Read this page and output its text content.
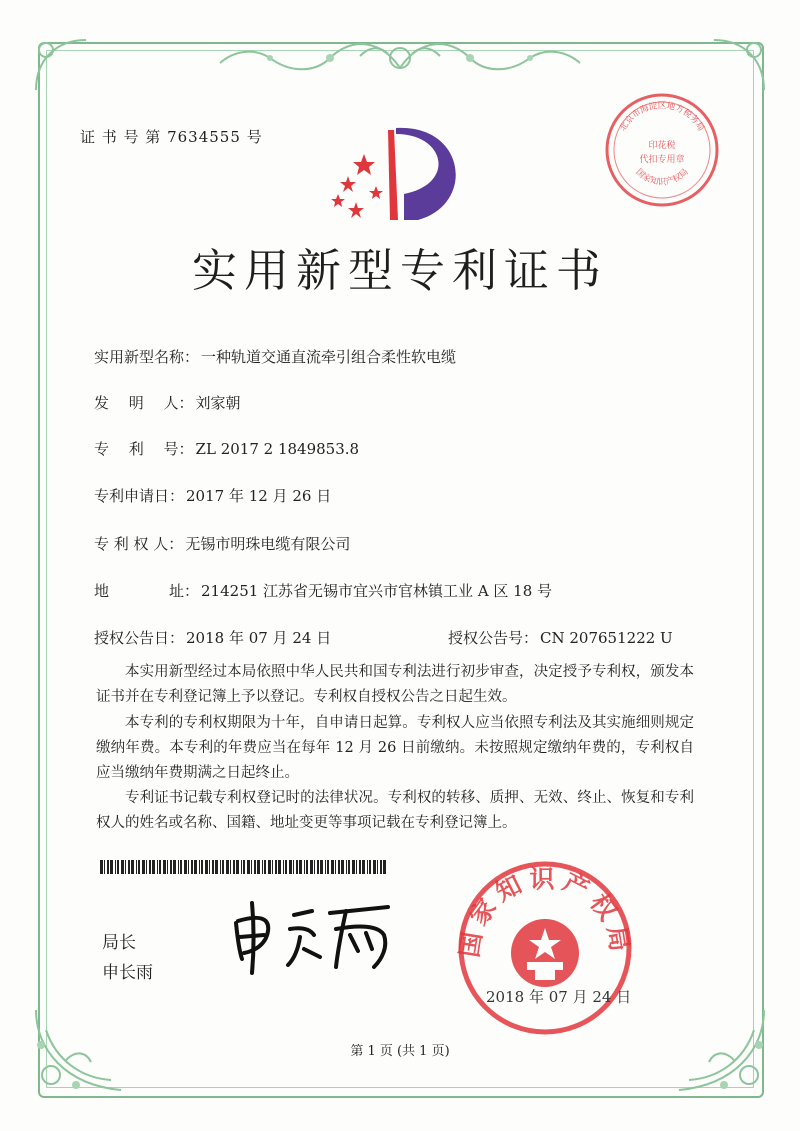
证 书 号 第 7634555 号
实用新型专利证书
北京市海淀区地方税务局
印花税
代扣专用章
国家知识产权局
实用新型名称： 一种轨道交通直流牵引组合柔性软电缆
发　 明　 人： 刘家朝
专　 利　 号： ZL 2017 2 1849853.8
专利申请日： 2017 年 12 月 26 日
专 利 权 人： 无锡市明珠电缆有限公司
地　　　　址： 214251 江苏省无锡市宜兴市官林镇工业 A 区 18 号
授权公告日： 2018 年 07 月 24 日	授权公告号： CN 207651222 U
本实用新型经过本局依照中华人民共和国专利法进行初步审查，决定授予专利权，颁发本证书并在专利登记簿上予以登记。专利权自授权公告之日起生效。
本专利的专利权期限为十年，自申请日起算。专利权人应当依照专利法及其实施细则规定缴纳年费。本专利的年费应当在每年 12 月 26 日前缴纳。未按照规定缴纳年费的，专利权自应当缴纳年费期满之日起终止。
专利证书记载专利权登记时的法律状况。专利权的转移、质押、无效、终止、恢复和专利权人的姓名或名称、国籍、地址变更等事项记载在专利登记簿上。
局长
申长雨
国家知识产权局
2018 年 07 月 24 日
第 1 页 (共 1 页)
